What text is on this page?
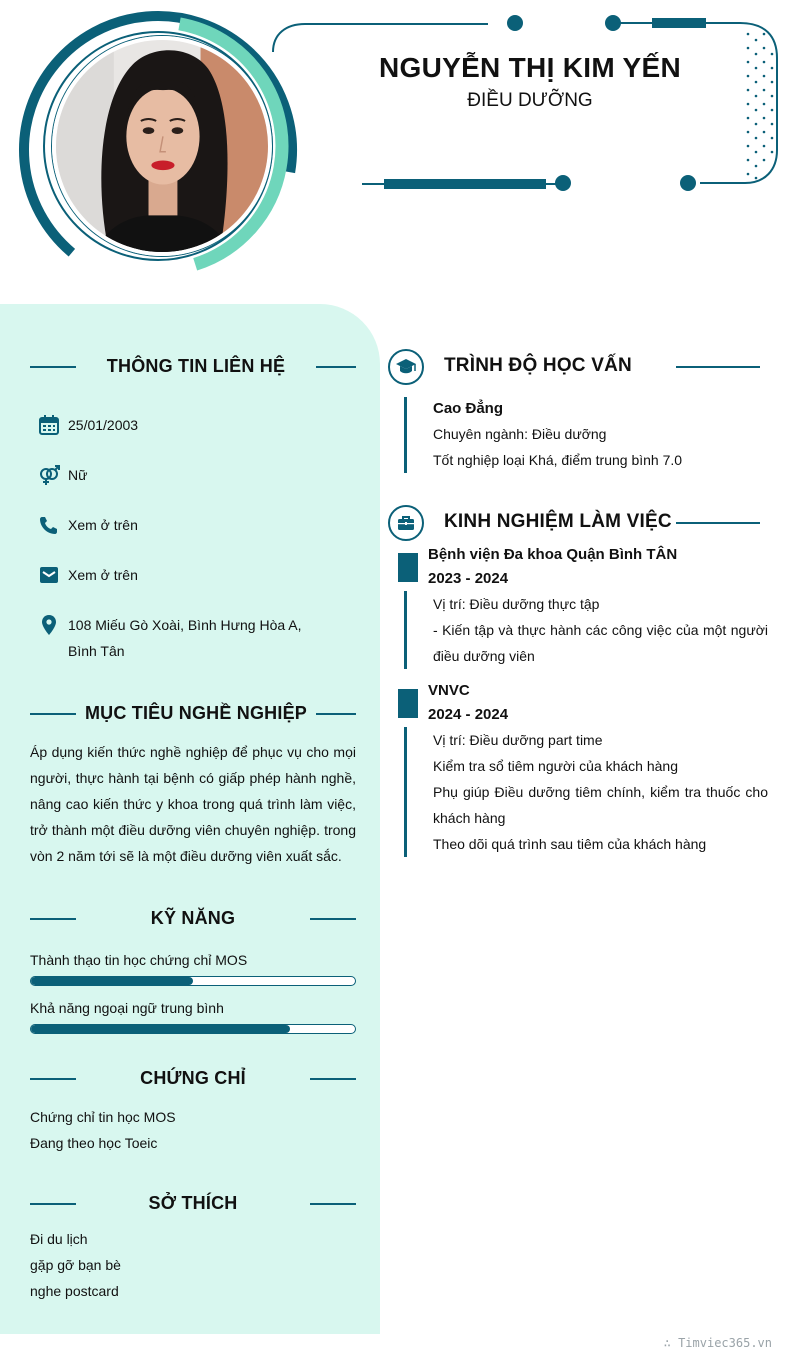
NGUYỄN THỊ KIM YẾN
ĐIỀU DƯỠNG
THÔNG TIN LIÊN HỆ
25/01/2003
Nữ
Xem ở trên
Xem ở trên
108 Miếu Gò Xoài, Bình Hưng Hòa A, Bình Tân
MỤC TIÊU NGHỀ NGHIỆP
Áp dụng kiến thức nghề nghiệp để phục vụ cho mọi người, thực hành tại bệnh có giấp phép hành nghề, nâng cao kiến thức y khoa trong quá trình làm việc, trở thành một điều dưỡng viên chuyên nghiệp. trong vòn 2 năm tới sẽ là một điều dưỡng viên xuất sắc.
KỸ NĂNG
Thành thạo tin học chứng chỉ MOS
Khả năng ngoại ngữ trung bình
CHỨNG CHỈ
Chứng chỉ tin học MOS
Đang theo học Toeic
SỞ THÍCH
Đi du lịch
gặp gỡ bạn bè
nghe postcard
TRÌNH ĐỘ HỌC VẤN
Cao Đẳng
Chuyên ngành: Điều dưỡng
Tốt nghiệp loại Khá, điểm trung bình 7.0
KINH NGHIỆM LÀM VIỆC
Bệnh viện Đa khoa Quận Bình TÂN
2023 - 2024
Vị trí: Điều dưỡng thực tập
- Kiến tập và thực hành các công việc của một người điều dưỡng viên
VNVC
2024 - 2024
Vị trí: Điều dưỡng part time
Kiểm tra sổ tiêm người của khách hàng
Phụ giúp Điều dưỡng tiêm chính, kiểm tra thuốc cho khách hàng
Theo dõi quá trình sau tiêm của khách hàng
∴ Timviec365.vn
